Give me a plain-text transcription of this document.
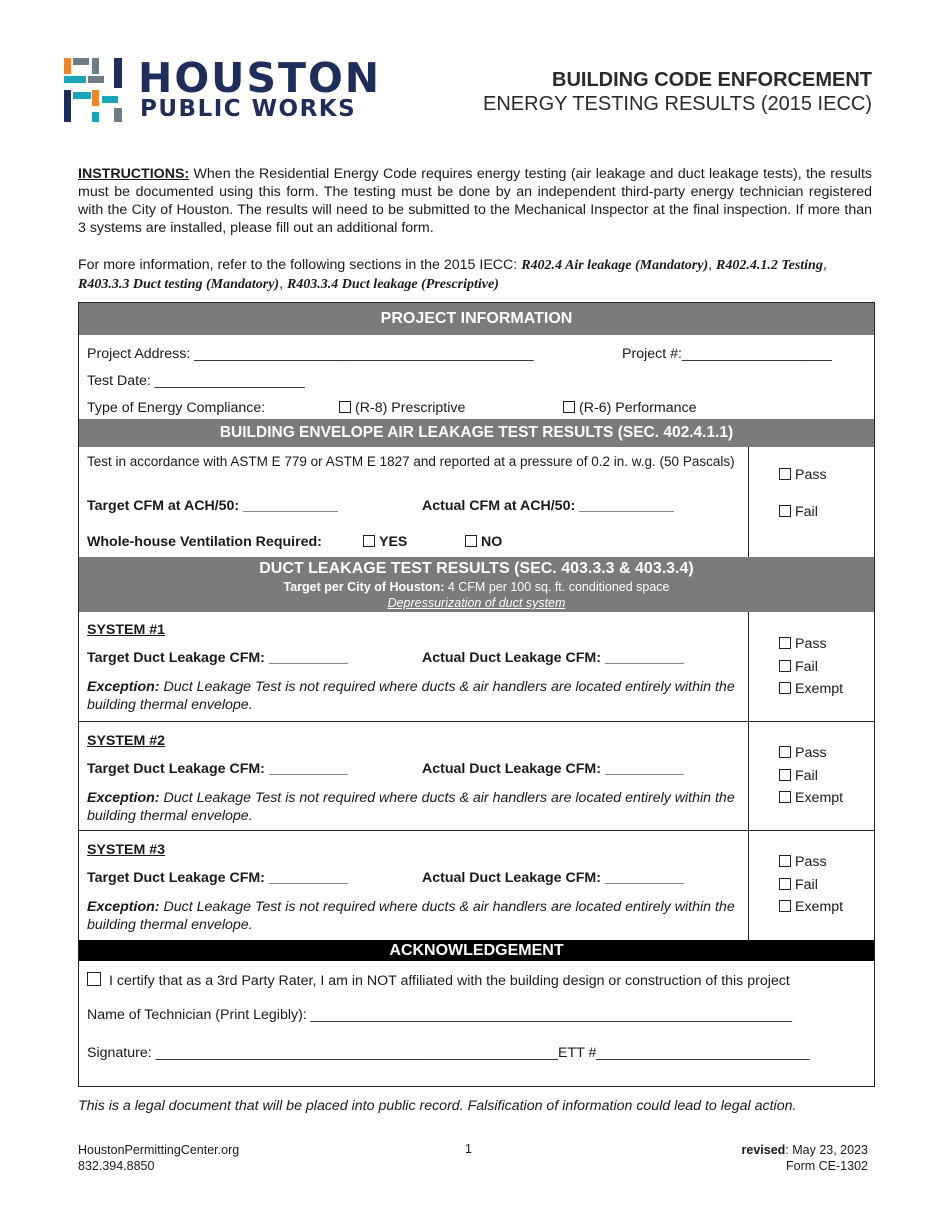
HOUSTON
PUBLIC WORKS
BUILDING CODE ENFORCEMENT
ENERGY TESTING RESULTS (2015 IECC)
INSTRUCTIONS: When the Residential Energy Code requires energy testing (air leakage and duct leakage tests), the results must be documented using this form. The testing must be done by an independent third-party energy technician registered with the City of Houston. The results will need to be submitted to the Mechanical Inspector at the final inspection. If more than 3 systems are installed, please fill out an additional form.
For more information, refer to the following sections in the 2015 IECC: R402.4 Air leakage (Mandatory), R402.4.1.2 Testing, R403.3.3 Duct testing (Mandatory), R403.3.4 Duct leakage (Prescriptive)
PROJECT INFORMATION
Project Address: ___________________________________________	Project #:___________________
Test Date: ___________________
Type of Energy Compliance:	(R-8) Prescriptive	(R-6) Performance
BUILDING ENVELOPE AIR LEAKAGE TEST RESULTS (SEC. 402.4.1.1)
Test in accordance with ASTM E 779 or ASTM E 1827 and reported at a pressure of 0.2 in. w.g. (50 Pascals)
Target CFM at ACH/50: ____________	Actual CFM at ACH/50: ____________
Whole-house Ventilation Required:	YES	NO
Pass
Fail
DUCT LEAKAGE TEST RESULTS (SEC. 403.3.3 & 403.3.4)
Target per City of Houston: 4 CFM per 100 sq. ft. conditioned space
Depressurization of duct system
SYSTEM #1
Target Duct Leakage CFM: __________	Actual Duct Leakage CFM: __________
Exception: Duct Leakage Test is not required where ducts & air handlers are located entirely within the building thermal envelope.
Pass
Fail
Exempt
SYSTEM #2
Target Duct Leakage CFM: __________	Actual Duct Leakage CFM: __________
Exception: Duct Leakage Test is not required where ducts & air handlers are located entirely within the building thermal envelope.
Pass
Fail
Exempt
SYSTEM #3
Target Duct Leakage CFM: __________	Actual Duct Leakage CFM: __________
Exception: Duct Leakage Test is not required where ducts & air handlers are located entirely within the building thermal envelope.
Pass
Fail
Exempt
ACKNOWLEDGEMENT
I certify that as a 3rd Party Rater, I am in NOT affiliated with the building design or construction of this project
Name of Technician (Print Legibly): _____________________________________________________________
Signature: ___________________________________________________ETT #___________________________
This is a legal document that will be placed into public record. Falsification of information could lead to legal action.
HoustonPermittingCenter.org
832.394.8850
1	revised: May 23, 2023
Form CE-1302
